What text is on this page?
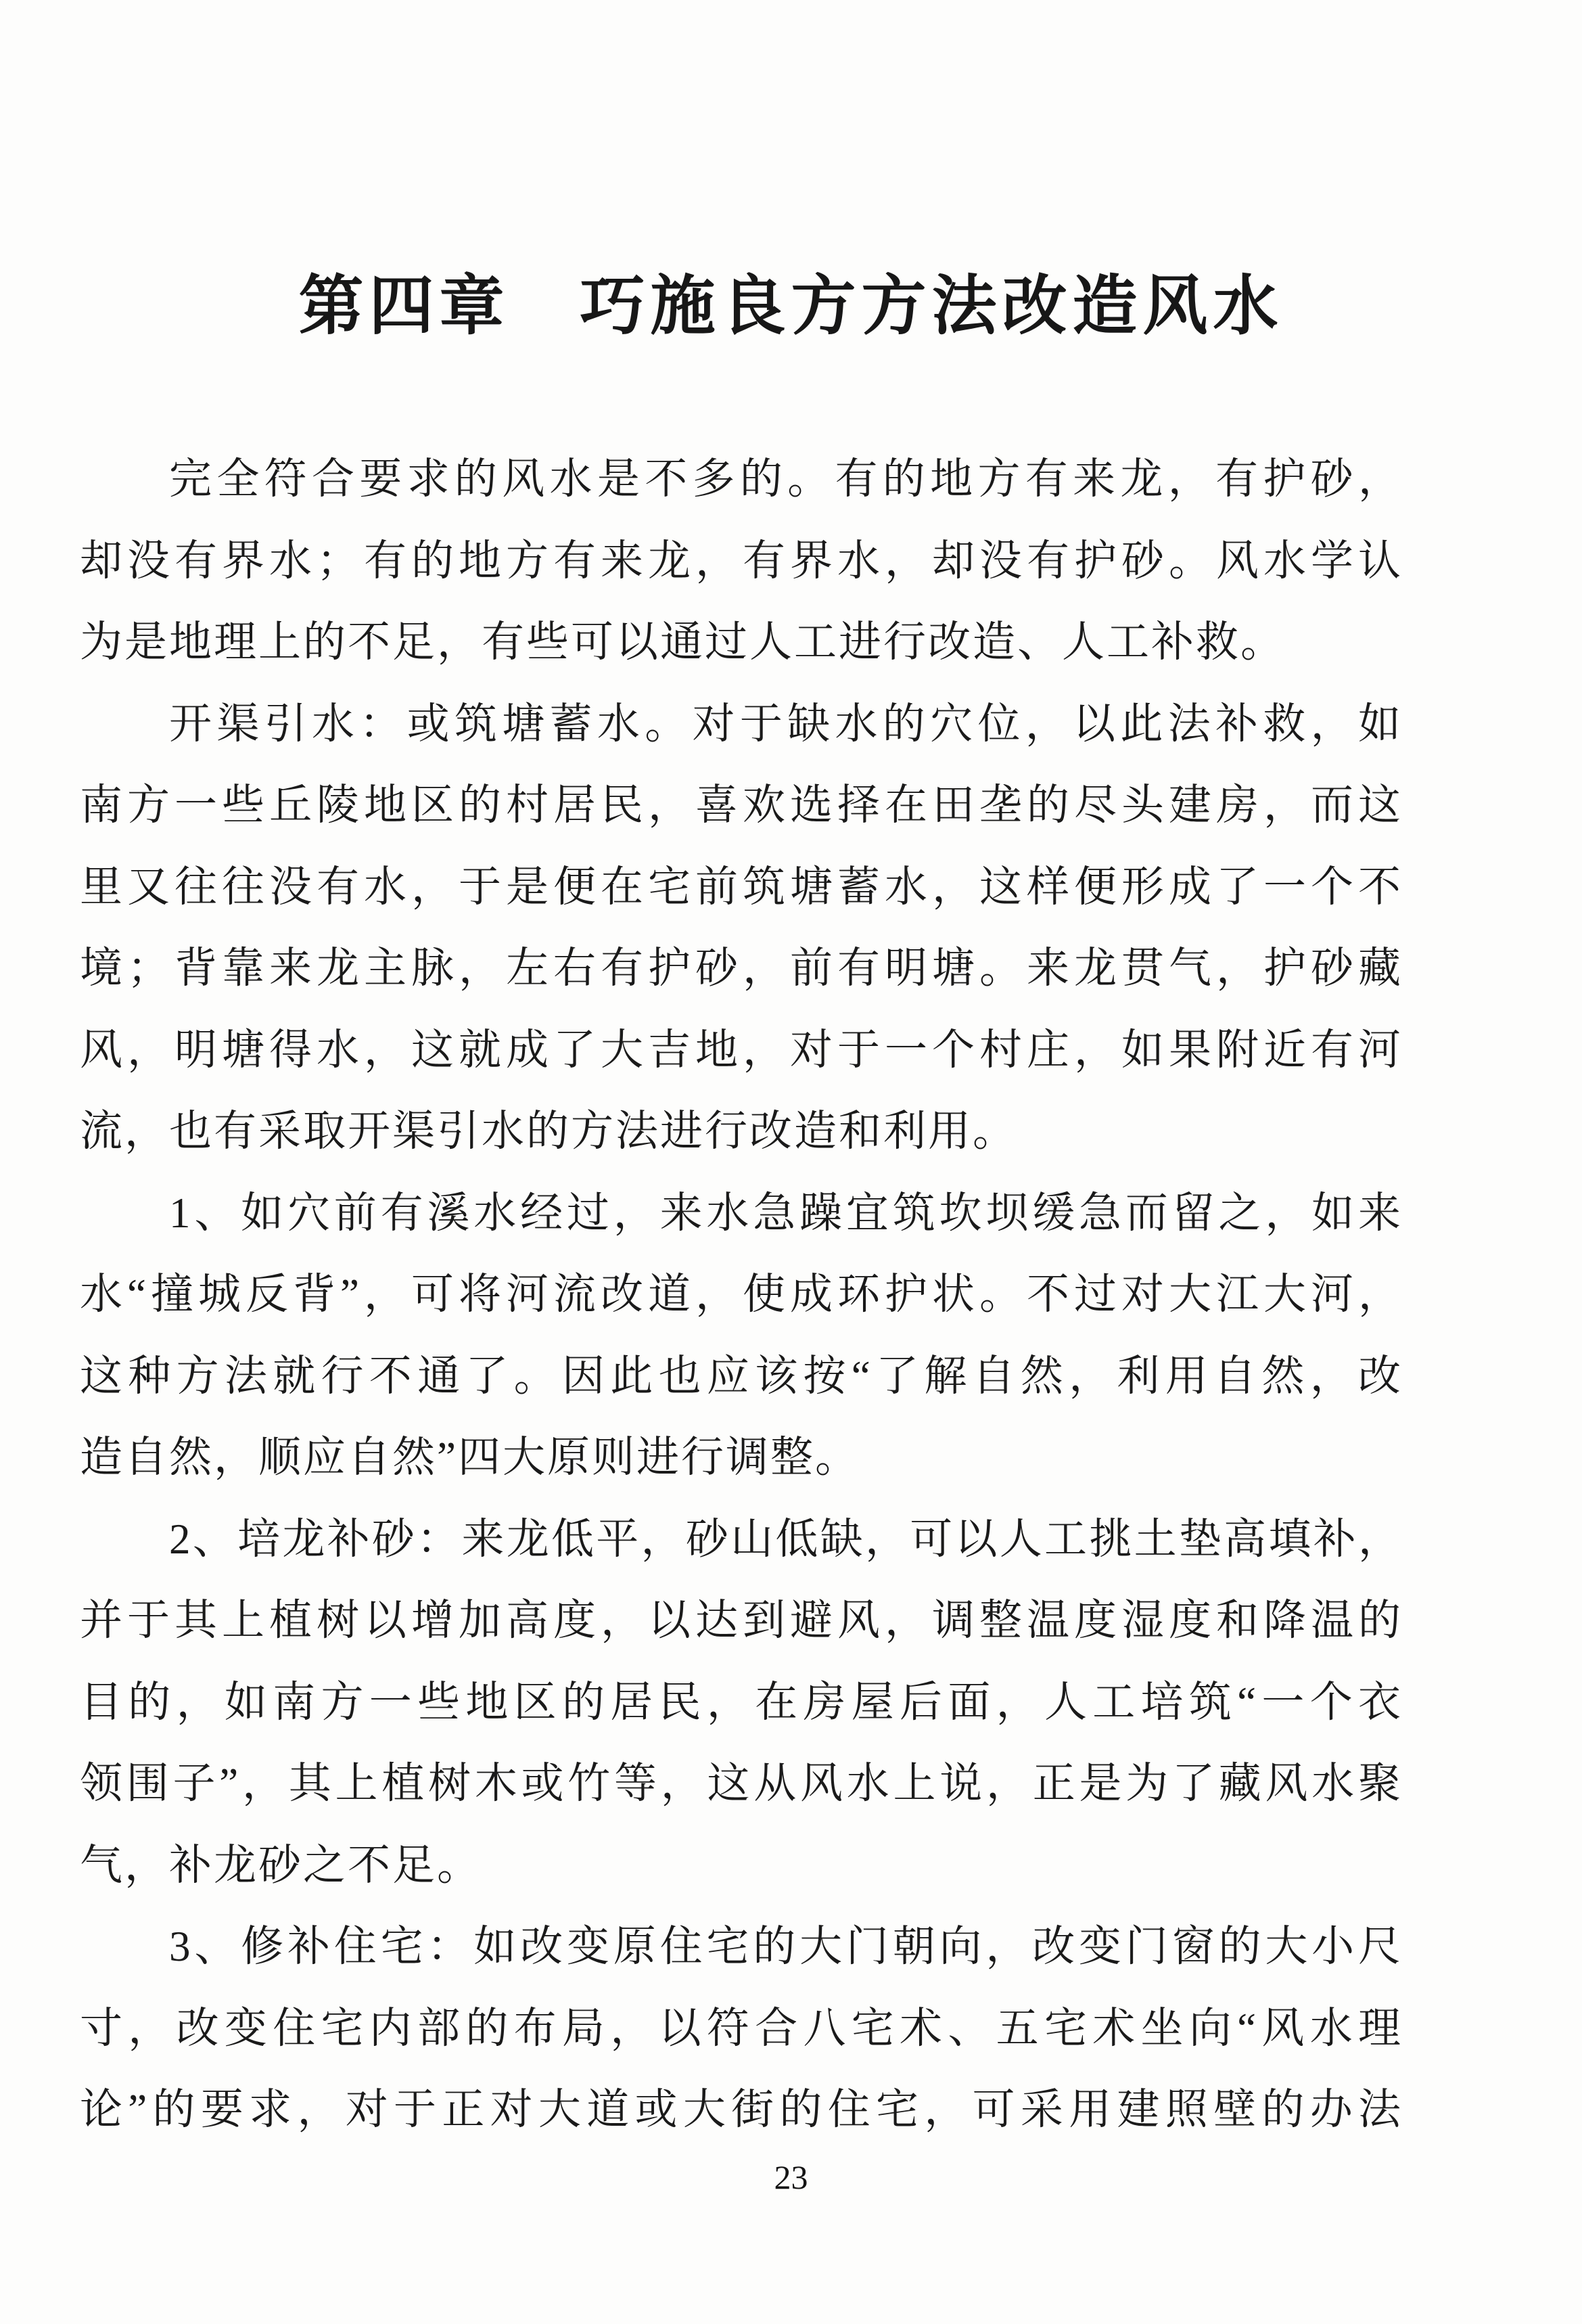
第四章　巧施良方方法改造风水
完全符合要求的风水是不多的。有的地方有来龙，有护砂，
却没有界水；有的地方有来龙，有界水，却没有护砂。风水学认
为是地理上的不足，有些可以通过人工进行改造、人工补救。
开渠引水：或筑塘蓄水。对于缺水的穴位，以此法补救，如
南方一些丘陵地区的村居民，喜欢选择在田垄的尽头建房，而这
里又往往没有水，于是便在宅前筑塘蓄水，这样便形成了一个不
境；背靠来龙主脉，左右有护砂，前有明塘。来龙贯气，护砂藏
风，明塘得水，这就成了大吉地，对于一个村庄，如果附近有河
流，也有采取开渠引水的方法进行改造和利用。
1、如穴前有溪水经过，来水急躁宜筑坎坝缓急而留之，如来
水“撞城反背”，可将河流改道，使成环护状。不过对大江大河，
这种方法就行不通了。因此也应该按“了解自然，利用自然，改
造自然，顺应自然”四大原则进行调整。
2、培龙补砂：来龙低平，砂山低缺，可以人工挑土垫高填补，
并于其上植树以增加高度，以达到避风，调整温度湿度和降温的
目的，如南方一些地区的居民，在房屋后面，人工培筑“一个衣
领围子”，其上植树木或竹等，这从风水上说，正是为了藏风水聚
气，补龙砂之不足。
3、修补住宅：如改变原住宅的大门朝向，改变门窗的大小尺
寸，改变住宅内部的布局，以符合八宅术、五宅术坐向“风水理
论”的要求，对于正对大道或大街的住宅，可采用建照壁的办法
23
